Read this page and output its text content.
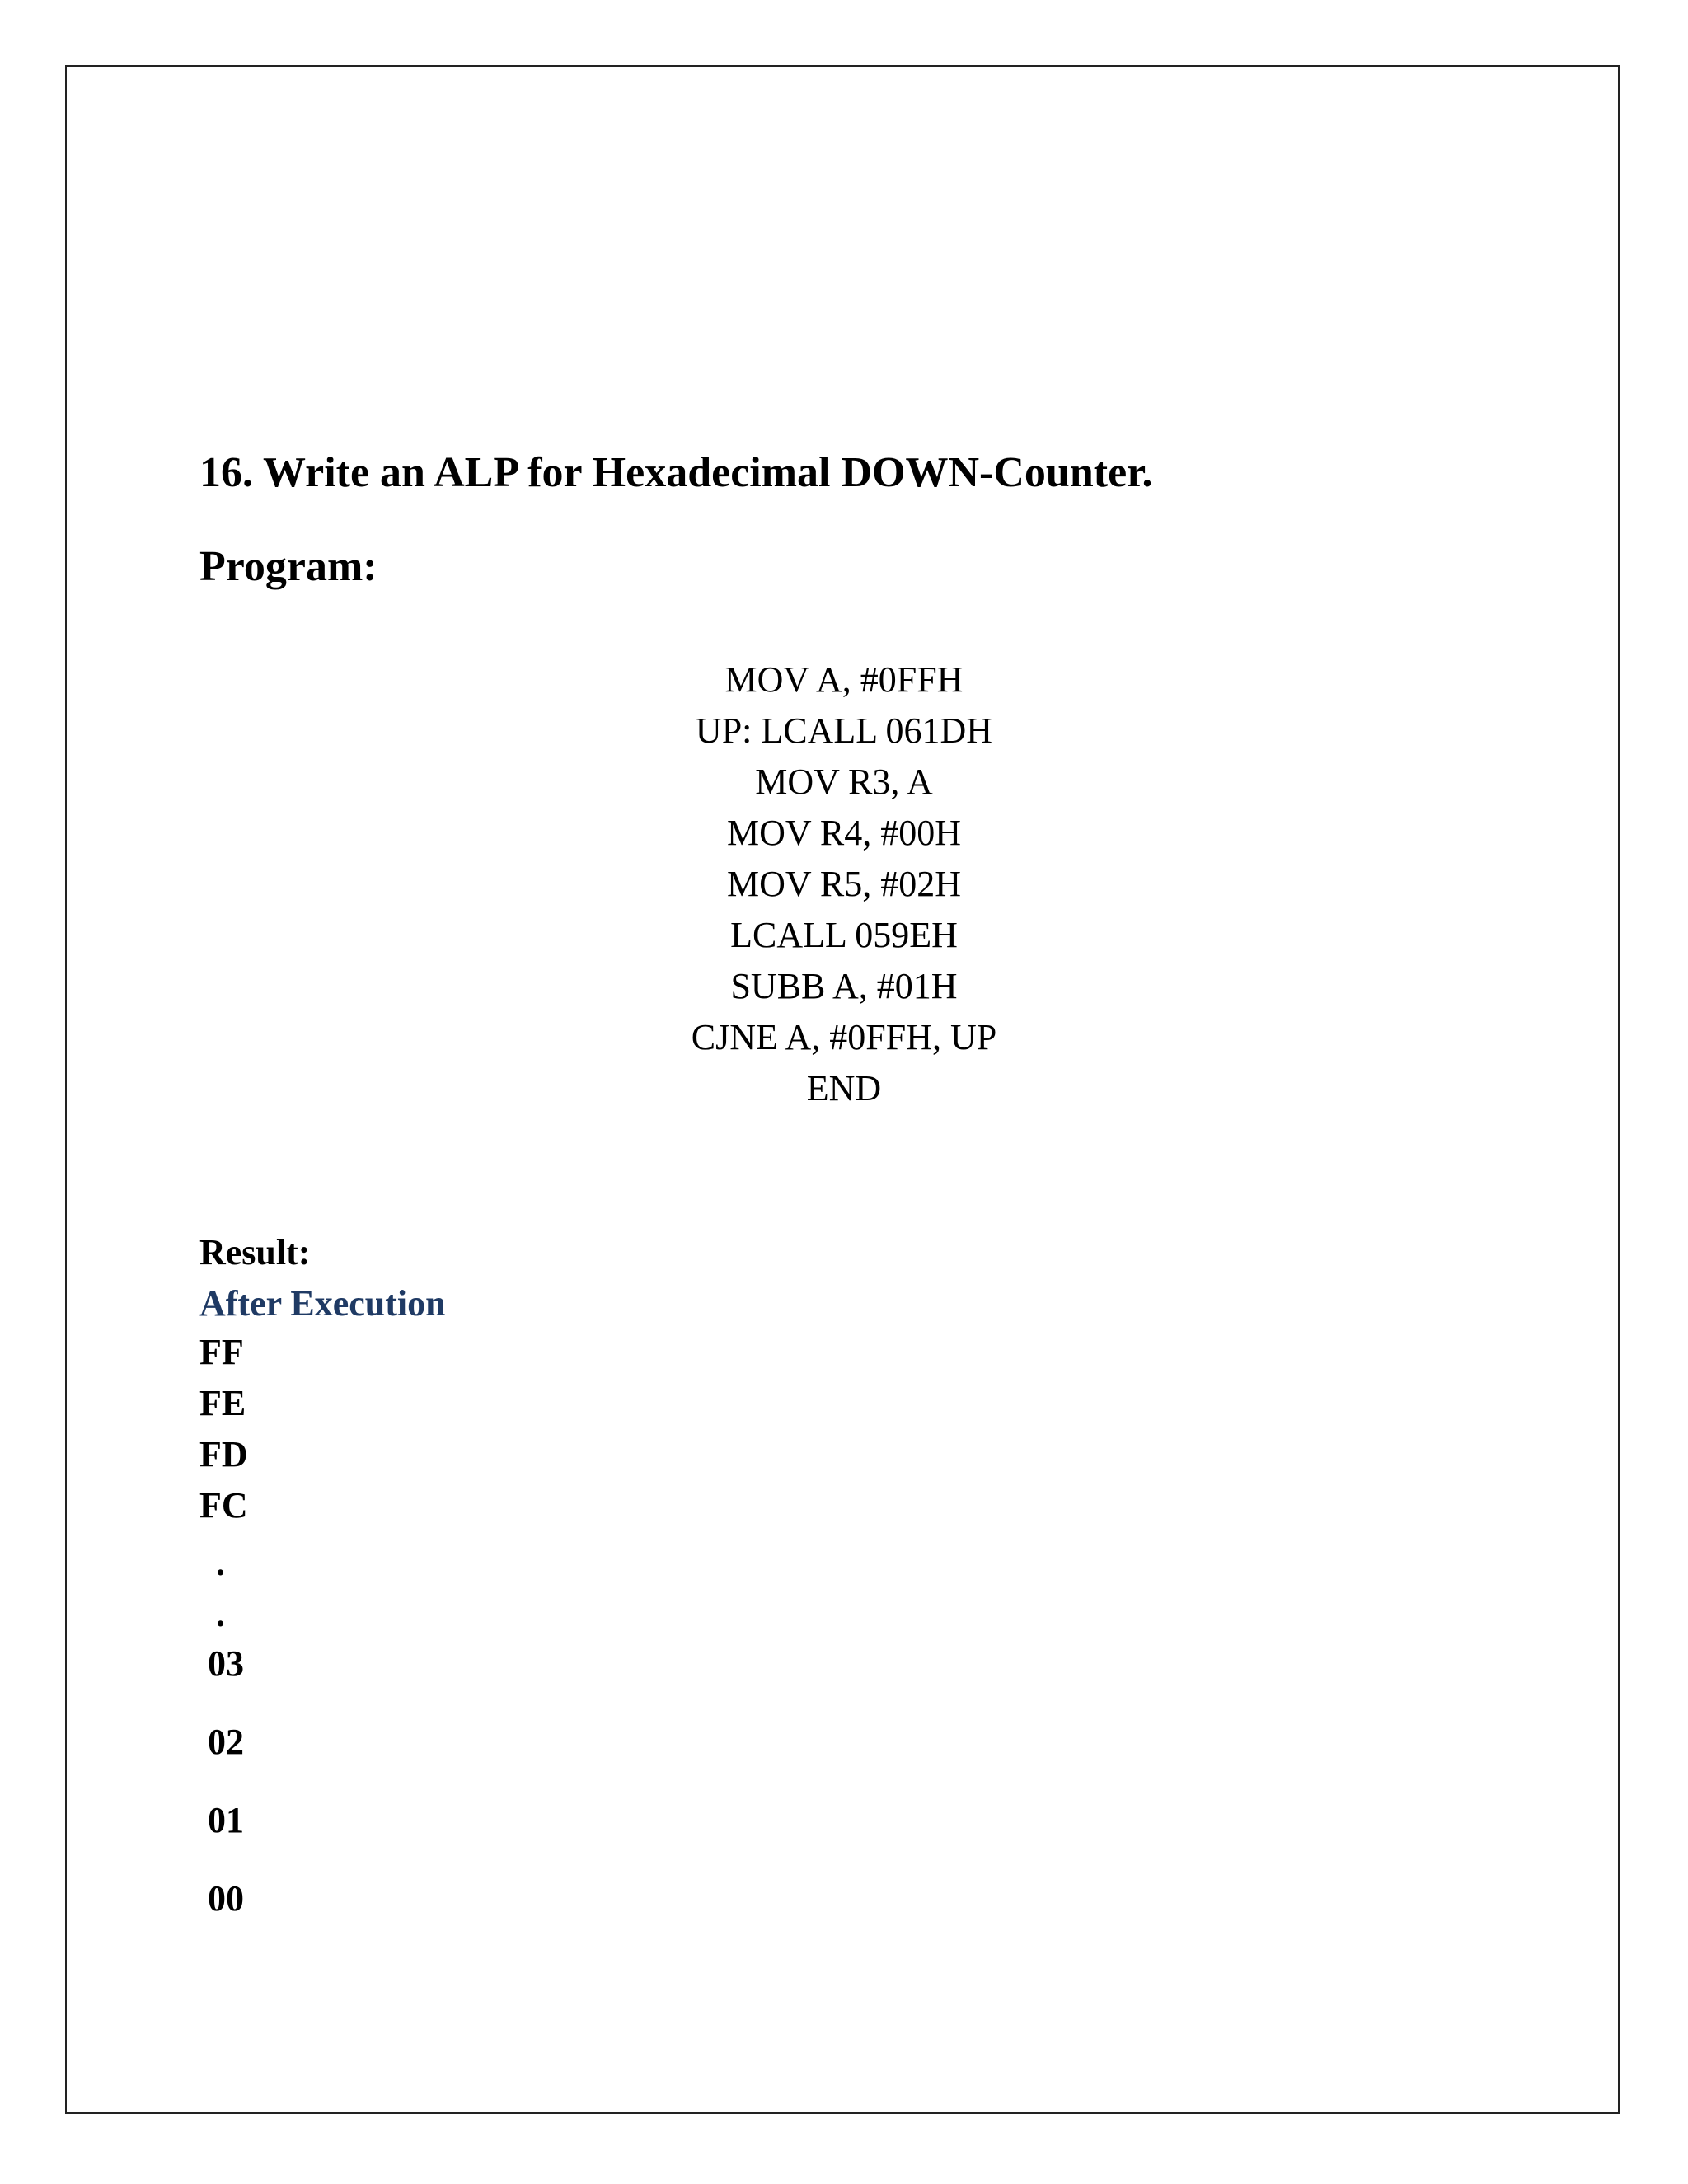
16. Write an ALP for Hexadecimal DOWN-Counter.
Program:
MOV A, #0FFH
UP: LCALL 061DH
MOV R3, A
MOV R4, #00H
MOV R5, #02H
LCALL 059EH
SUBB A, #01H
CJNE A, #0FFH, UP
END
Result:
After Execution
FF
FE
FD
FC
.
.
03
02
01
00
